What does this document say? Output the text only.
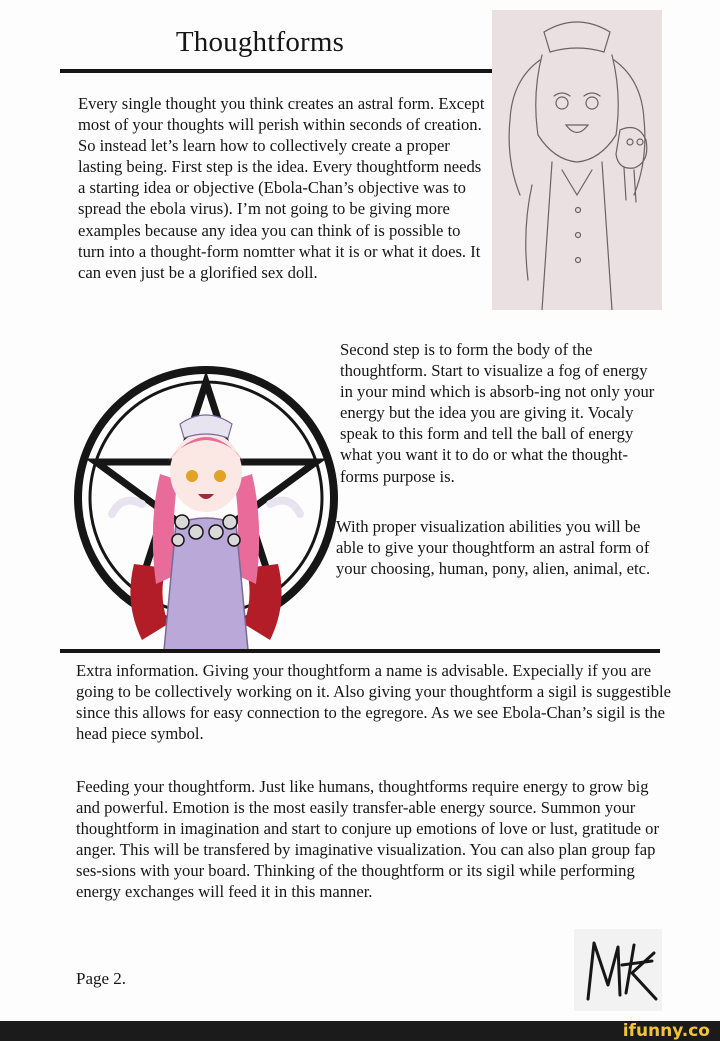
Thoughtforms

Every single thought you think creates an astral form. Except most of your thoughts will perish within seconds of creation. So instead let’s learn how to collectively create a proper lasting being. First step is the idea. Every thoughtform needs a starting idea or objective (Ebola-Chan’s objective was to spread the ebola virus). I’m not going to be giving more examples because any idea you can think of is possible to turn into a thought-form nomtter what it is or what it does. It can even just be a glorified sex doll.

Second step is to form the body of the thoughtform. Start to visualize a fog of energy in your mind which is absorb-ing not only your energy but the idea you are giving it. Vocaly speak to this form and tell the ball of energy what you want it to do or what the thought-forms purpose is.

With proper visualization abilities you will be able to give your thoughtform an astral form of your choosing, human, pony, alien, animal, etc.

Extra information. Giving your thoughtform a name is advisable. Expecially if you are going to be collectively working on it. Also giving your thoughtform a sigil is suggestible since this allows for easy connection to the egregore. As we see Ebola-Chan’s sigil is the head piece symbol.

Feeding your thoughtform. Just like humans, thoughtforms require energy to grow big and powerful. Emotion is the most easily transfer-able energy source. Summon your thoughtform in imagination and start to conjure up emotions of love or lust, gratitude or anger. This will be transfered by imaginative visualization. You can also plan group fap ses-sions with your board. Thinking of the thoughtform or its sigil while performing energy exchanges will feed it in this manner.

Page 2.

ifunny.co
